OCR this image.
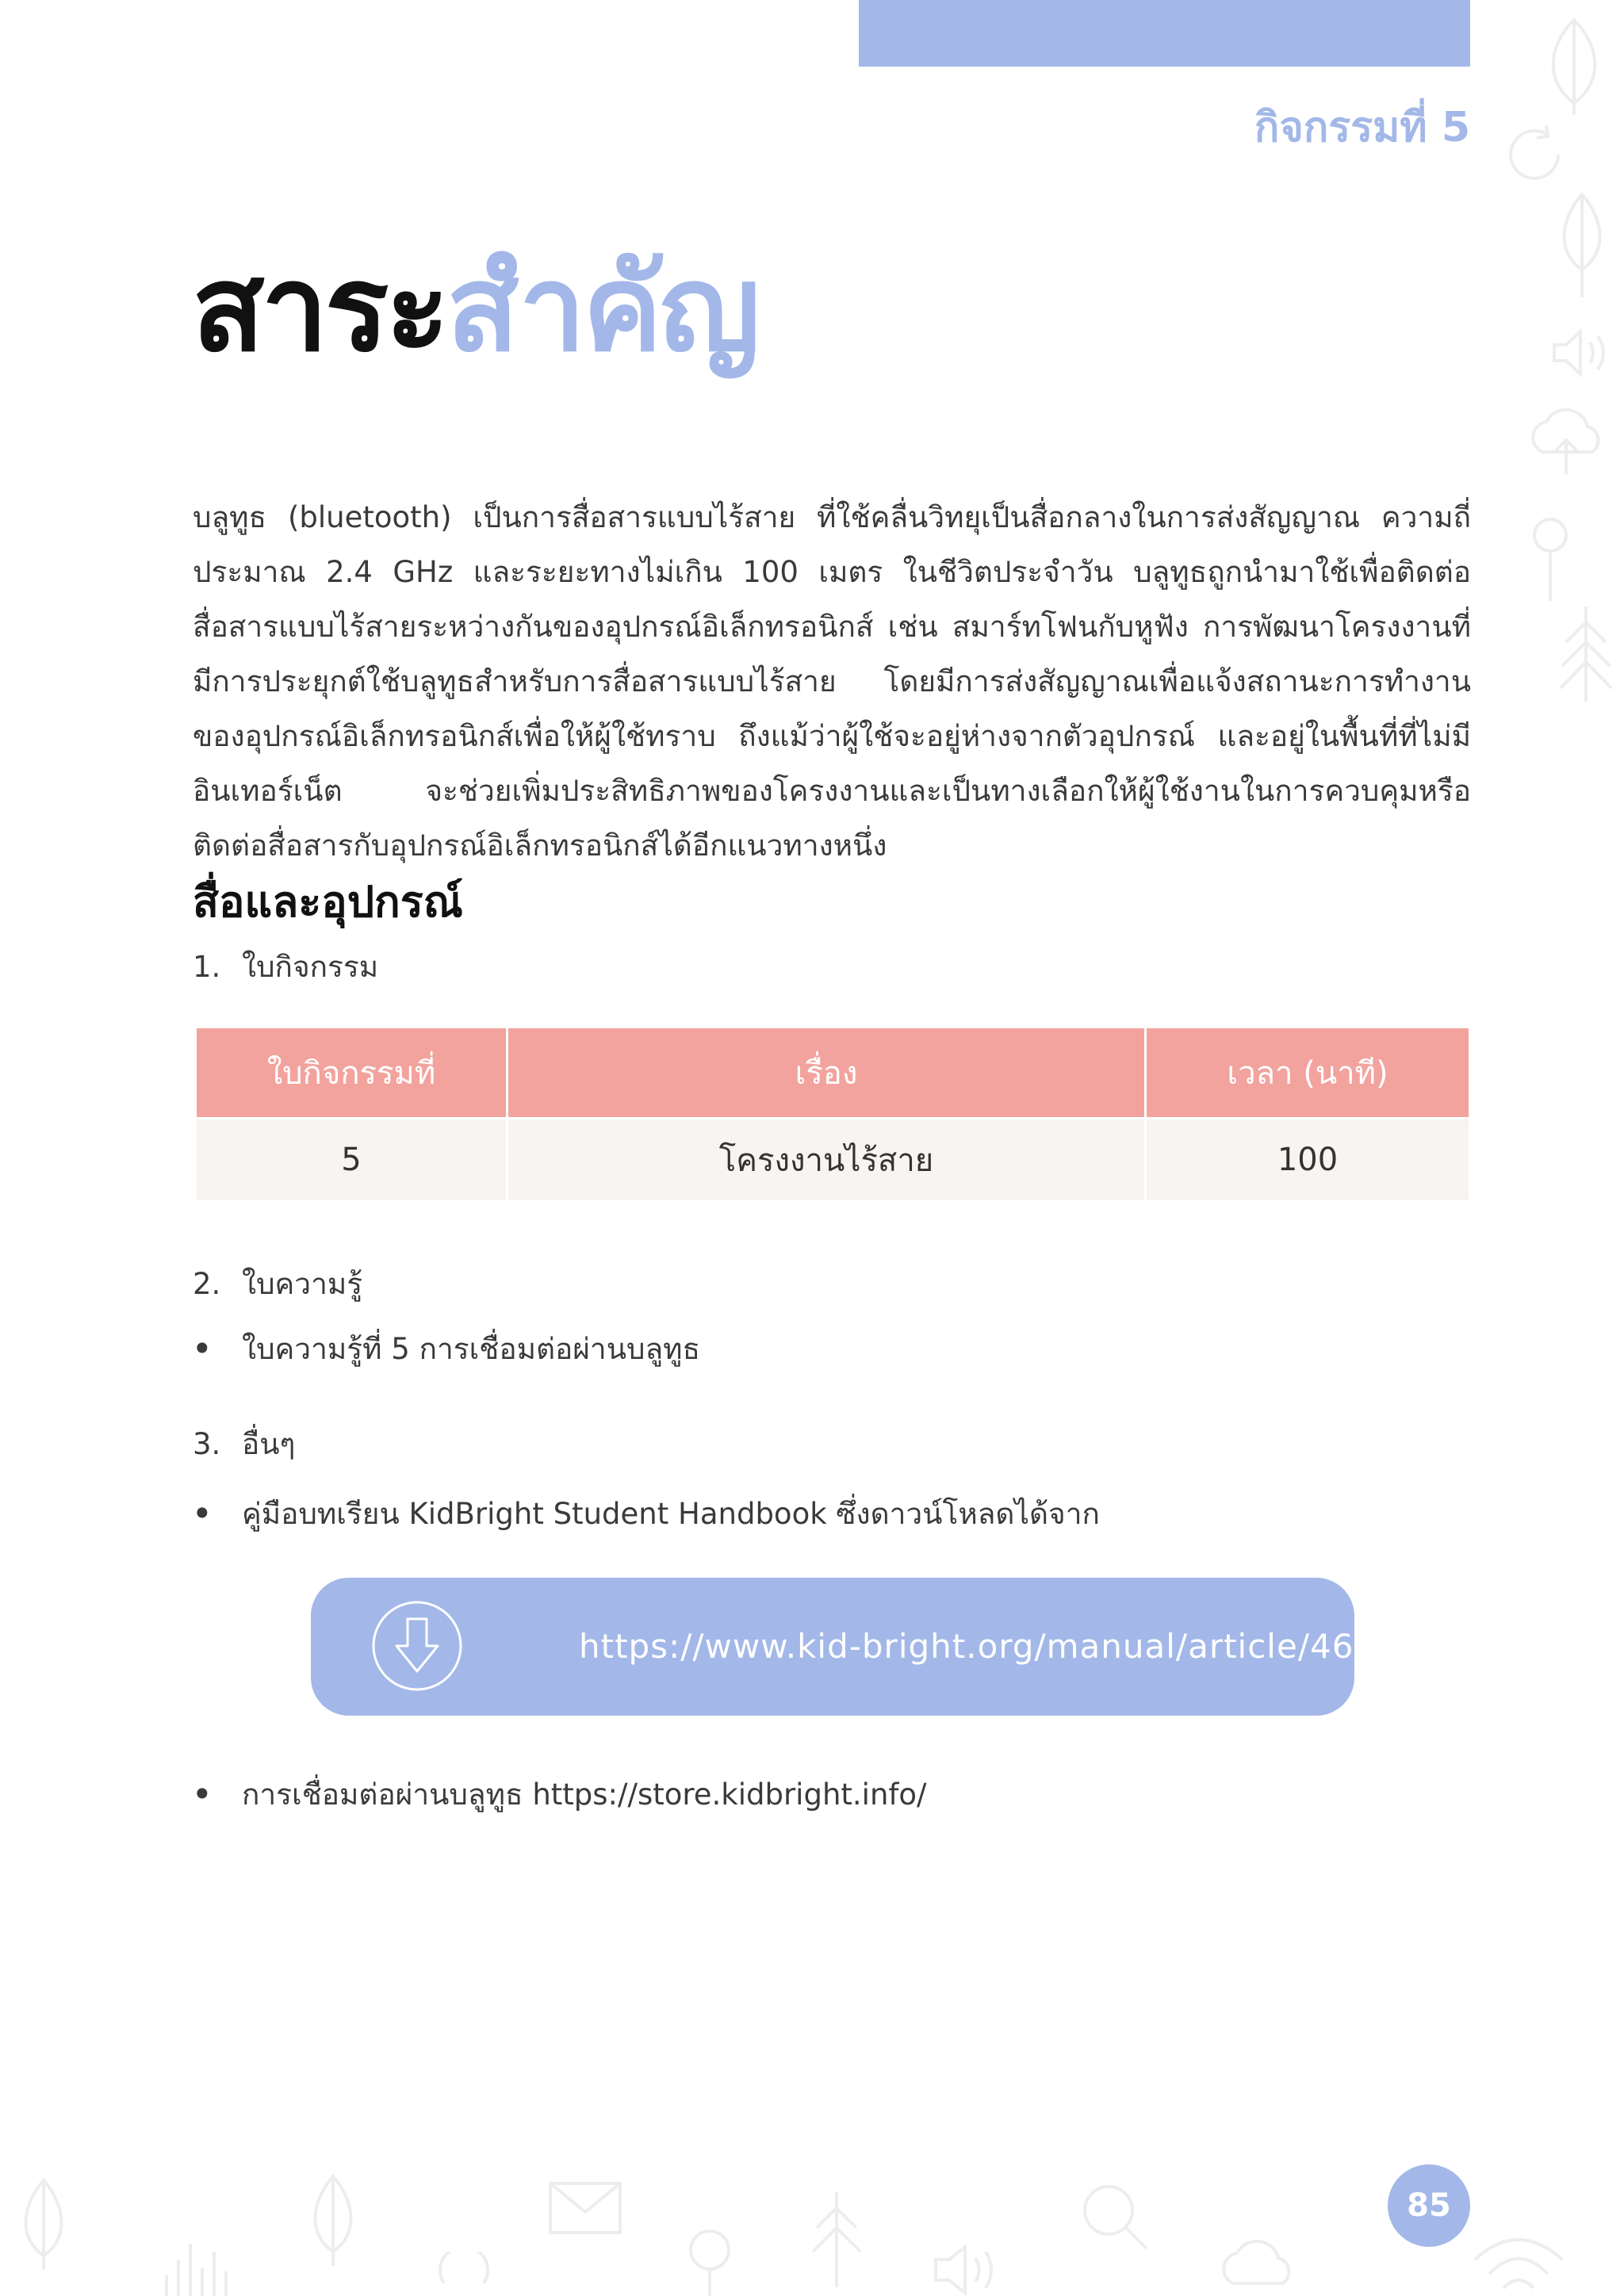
กิจกรรมที่ 5
สาระสำคัญ

บลูทูธ (bluetooth) เป็นการสื่อสารแบบไร้สาย ที่ใช้คลื่นวิทยุเป็นสื่อกลางในการส่งสัญญาณ ความถี่ประมาณ 2.4 GHz และระยะทางไม่เกิน 100 เมตร ในชีวิตประจำวัน บลูทูธถูกนำมาใช้เพื่อติดต่อสื่อสารแบบไร้สายระหว่างกันของอุปกรณ์อิเล็กทรอนิกส์ เช่น สมาร์ทโฟนกับหูฟัง การพัฒนาโครงงานที่มีการประยุกต์ใช้บลูทูธสำหรับการสื่อสารแบบไร้สาย โดยมีการส่งสัญญาณเพื่อแจ้งสถานะการทำงานของอุปกรณ์อิเล็กทรอนิกส์เพื่อให้ผู้ใช้ทราบ ถึงแม้ว่าผู้ใช้จะอยู่ห่างจากตัวอุปกรณ์ และอยู่ในพื้นที่ที่ไม่มีอินเทอร์เน็ต จะช่วยเพิ่มประสิทธิภาพของโครงงานและเป็นทางเลือกให้ผู้ใช้งานในการควบคุมหรือติดต่อสื่อสารกับอุปกรณ์อิเล็กทรอนิกส์ได้อีกแนวทางหนึ่ง

สื่อและอุปกรณ์
1. ใบกิจกรรม
ใบกิจกรรมที่	เรื่อง	เวลา (นาที)
5	โครงงานไร้สาย	100
2. ใบความรู้
• ใบความรู้ที่ 5 การเชื่อมต่อผ่านบลูทูธ
3. อื่นๆ
• คู่มือบทเรียน KidBright Student Handbook ซึ่งดาวน์โหลดได้จาก
https://www.kid-bright.org/manual/article/46
• การเชื่อมต่อผ่านบลูทูธ https://store.kidbright.info/
85
